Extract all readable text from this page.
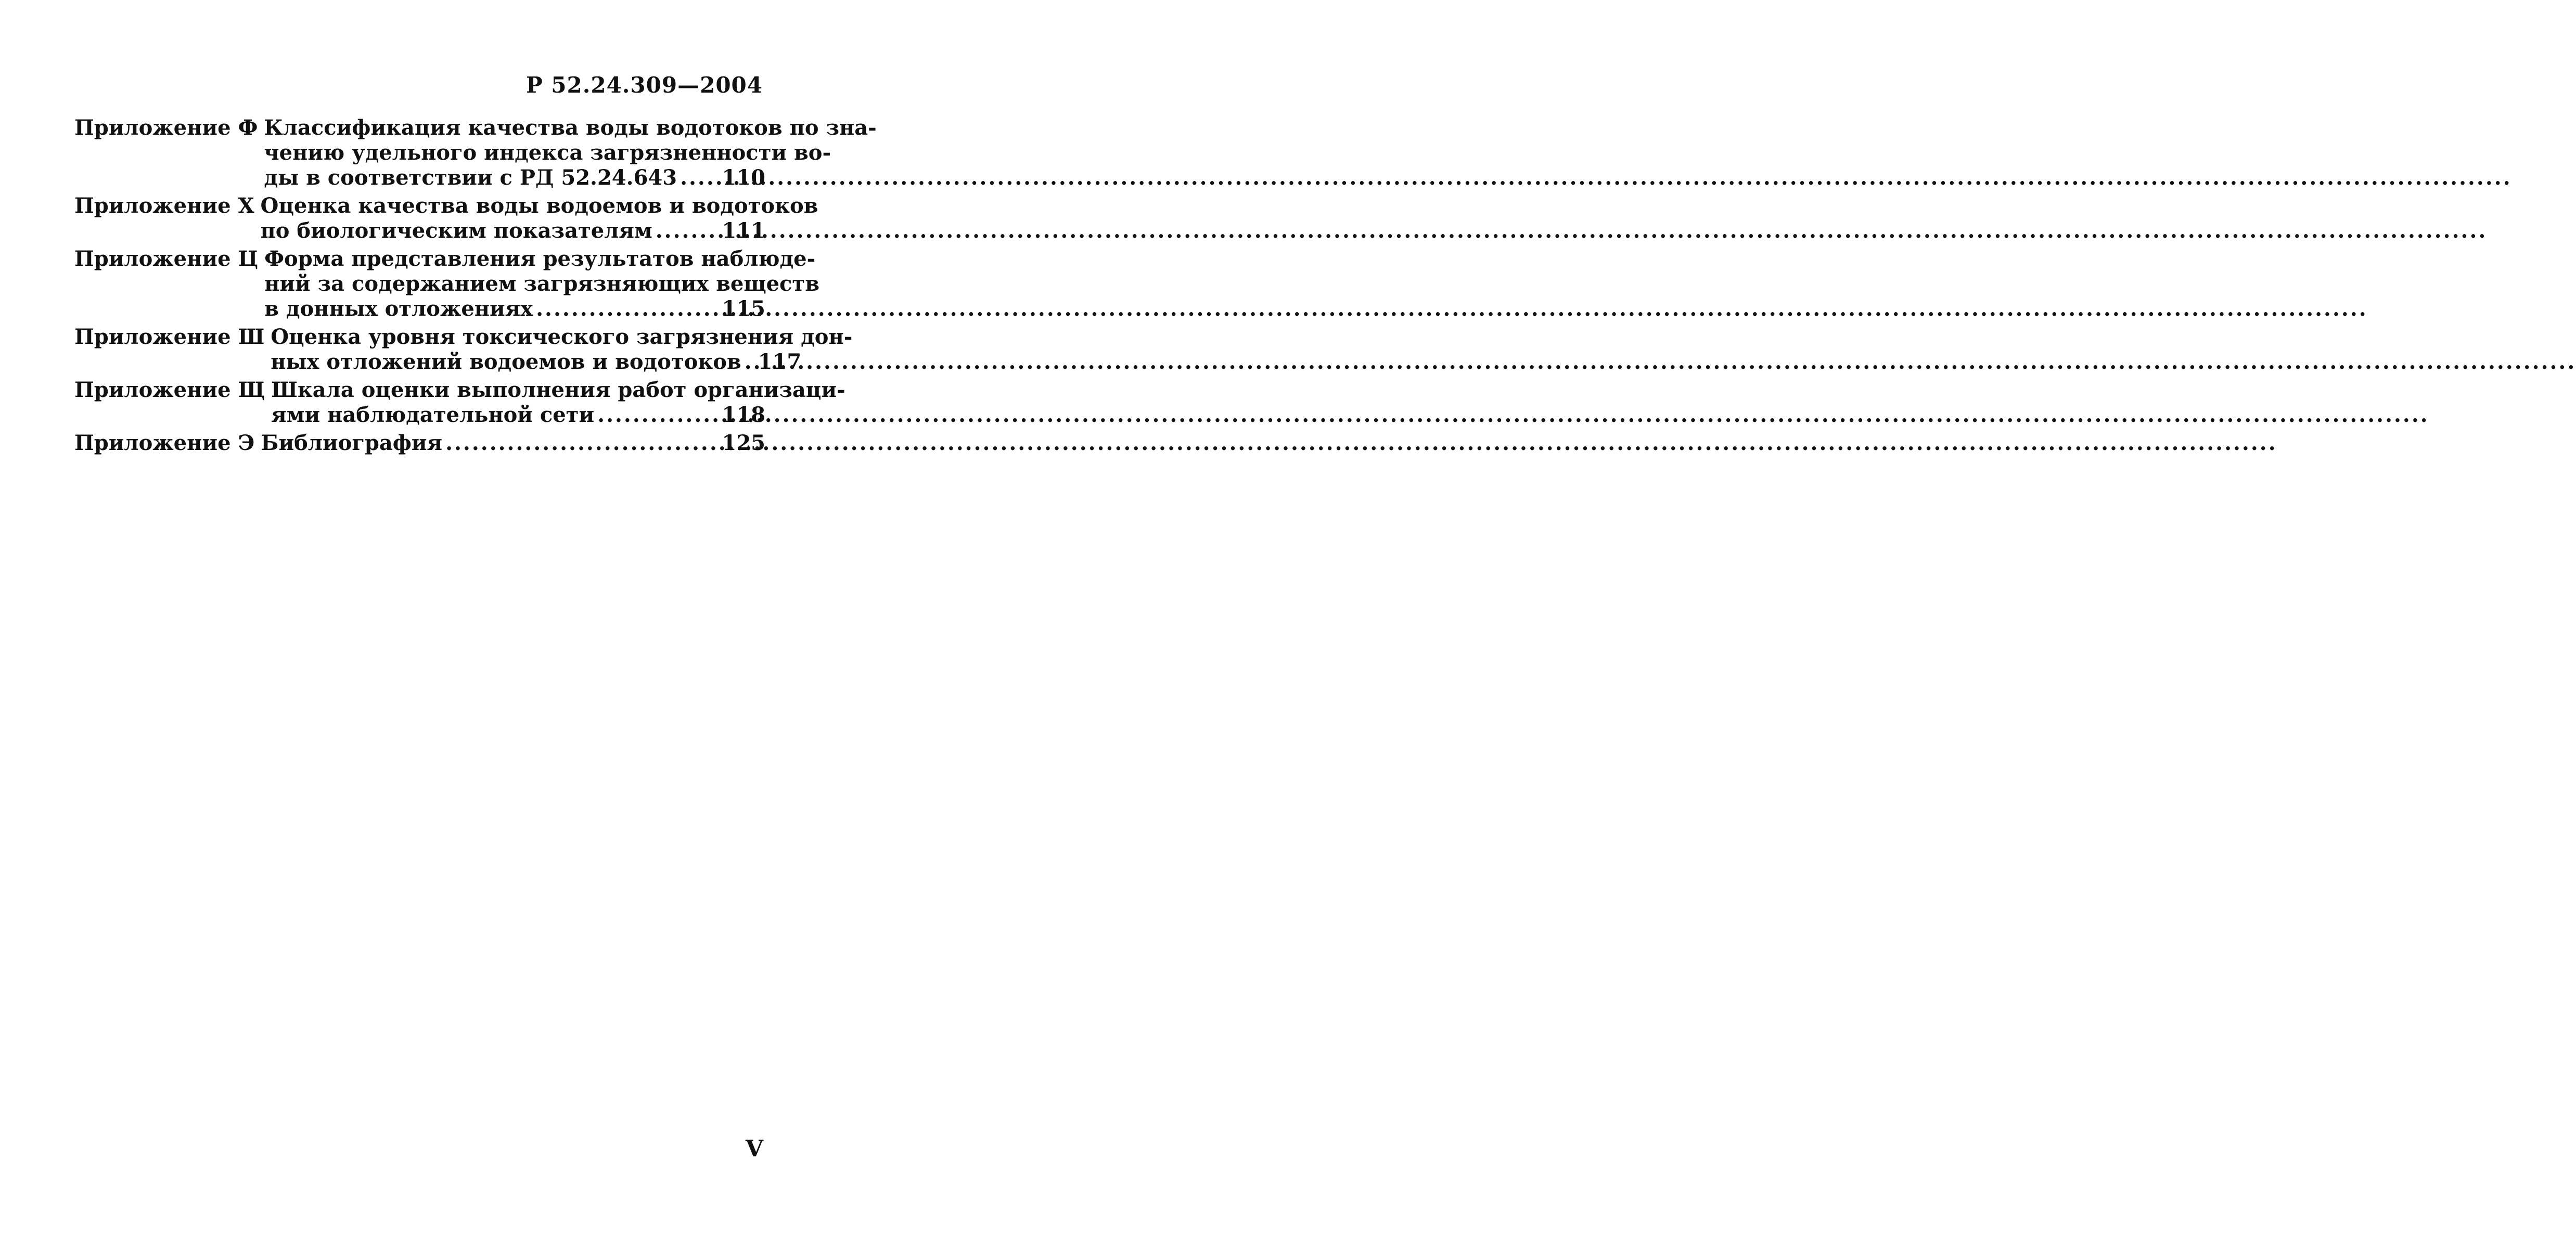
Р 52.24.309—2004
Приложение Ф Классификация качества воды водотоков по зна-
чению удельного индекса загрязненности во-
ды в соответствии с РД 52.24.643 ..... 110
Приложение Х Оценка качества воды водоемов и водотоков
по биологическим показателям .....	111
Приложение Ц Форма представления результатов наблюде-
ний за содержанием загрязняющих веществ
в донных отложениях .....	115
Приложение Ш Оценка уровня токсического загрязнения дон-
ных отложений водоемов и водотоков ..... 117
Приложение Щ Шкала оценки выполнения работ организаци-
ями наблюдательной сети .....	118
Приложение Э Библиография .....	125
V
